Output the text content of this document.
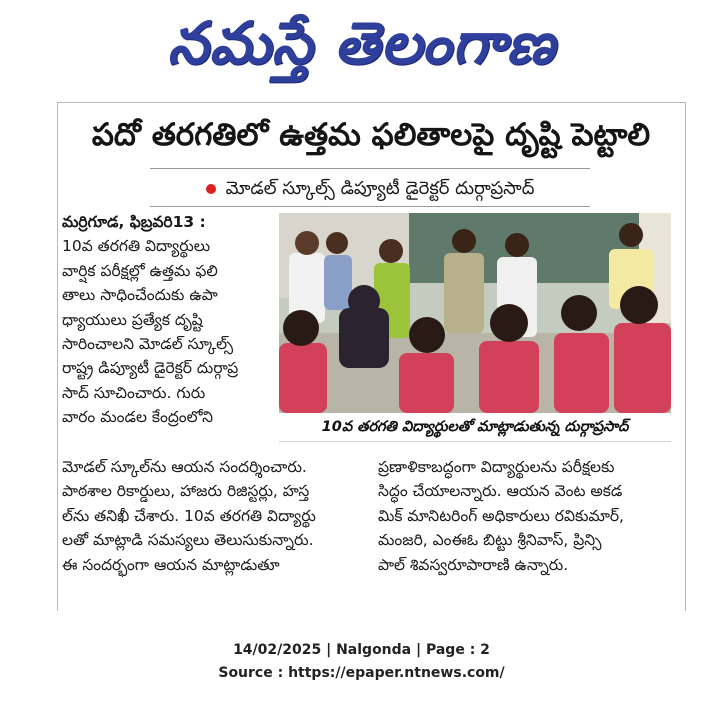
నమస్తే తెలంగాణ
పదో తరగతిలో ఉత్తమ ఫలితాలపై దృష్టి పెట్టాలి
మోడల్ స్కూల్స్ డిప్యూటీ డైరెక్టర్ దుర్గాప్రసాద్
మర్రిగూడ, ఫిబ్రవరి13 :
10వ తరగతి విద్యార్థులు
వార్షిక పరీక్షల్లో ఉత్తమ ఫలి
తాలు సాధించేందుకు ఉపా
ధ్యాయులు ప్రత్యేక దృష్టి
సారించాలని మోడల్ స్కూల్స్
రాష్ట్ర డిప్యూటీ డైరెక్టర్ దుర్గాప్ర
సాద్ సూచించారు. గురు
వారం మండల కేంద్రంలోని
10వ తరగతి విద్యార్థులతో మాట్లాడుతున్న దుర్గాప్రసాద్
మోడల్ స్కూల్‌ను ఆయన సందర్శించారు.
పాఠశాల రికార్డులు, హాజరు రిజిస్టర్లు, హస్త
ల్‌ను తనిఖీ చేశారు. 10వ తరగతి విద్యార్థు
లతో మాట్లాడి సమస్యలు తెలుసుకున్నారు.
ఈ సందర్భంగా ఆయన మాట్లాడుతూ
ప్రణాళికాబద్ధంగా విద్యార్థులను పరీక్షలకు
సిద్ధం చేయాలన్నారు. ఆయన వెంట అకడ
మిక్ మానిటరింగ్ అధికారులు రవికుమార్,
మంజరి, ఎంఈఓ బిట్టు శ్రీనివాస్, ప్రిన్సి
పాల్ శివస్వరూపారాణి ఉన్నారు.
14/02/2025 | Nalgonda | Page : 2
Source : https://epaper.ntnews.com/
